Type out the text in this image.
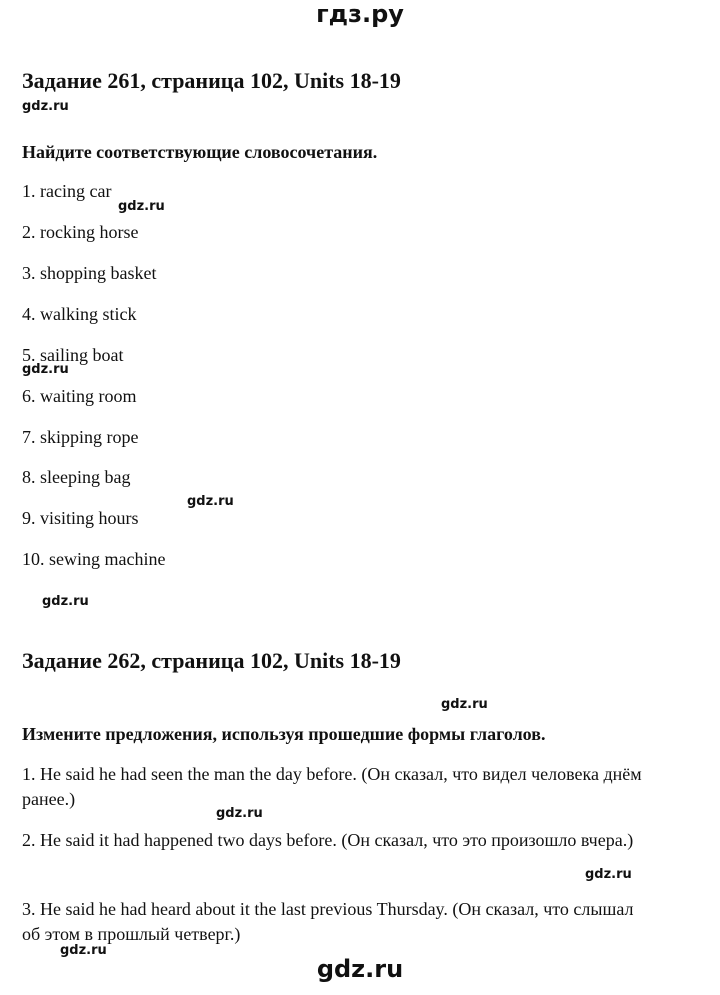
гдз.ру
Задание 261, страница 102, Units 18-19
gdz.ru
Найдите соответствующие словосочетания.
1. racing car
gdz.ru
2. rocking horse
3. shopping basket
4. walking stick
5. sailing boat
gdz.ru
6. waiting room
7. skipping rope
8. sleeping bag
gdz.ru
9. visiting hours
10. sewing machine
gdz.ru
Задание 262, страница 102, Units 18-19
gdz.ru
Измените предложения, используя прошедшие формы глаголов.
1. He said he had seen the man the day before. (Он сказал, что видел человека днём ранее.)
gdz.ru
2. He said it had happened two days before. (Он сказал, что это произошло вчера.)
gdz.ru
3. He said he had heard about it the last previous Thursday. (Он сказал, что слышал об этом в прошлый четверг.)
gdz.ru
gdz.ru
